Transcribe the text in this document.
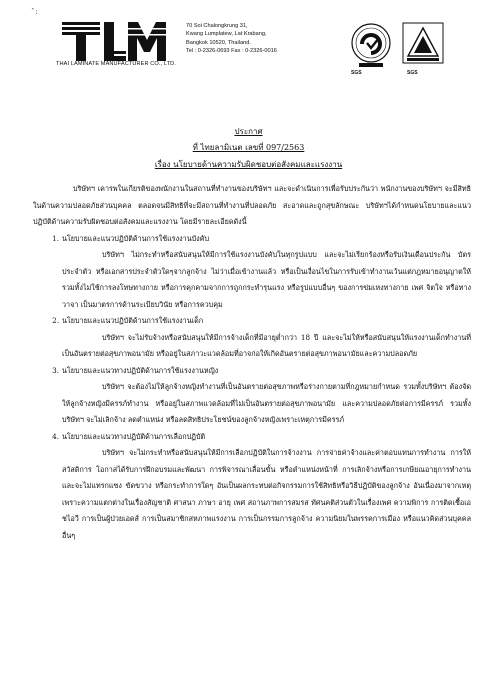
ˆ:
THAI LAMINATE MANUFACTURER CO., LTD.
70 Soi Chalongkrung 31,
Kwang Lumplatew, Lat Krabang,
Bangkok 10520, Thailand.
Tel : 0-2326-0693 Fax : 0-2326-0016
SGS	SGS
ประกาศ
ที่ ไทยลามิเนต เลขที่ 097/2563
เรื่อง นโยบายด้านความรับผิดชอบต่อสังคมและแรงงาน

บริษัทฯ เคารพในเกียรติของพนักงานในสถานที่ทำงานของบริษัทฯ และจะดำเนินการเพื่อรับประกันว่า พนักงานของบริษัทฯ จะมีสิทธิในด้านความปลอดภัยส่วนบุคคล ตลอดจนมีสิทธิที่จะมีสถานที่ทำงานที่ปลอดภัย สะอาดและถูกสุขลักษณะ บริษัทฯได้กำหนดนโยบายและแนวปฏิบัติด้านความรับผิดชอบต่อสังคมและแรงงาน โดยมีรายละเอียดดังนี้

1. นโยบายและแนวปฏิบัติด้านการใช้แรงงานบังคับ

บริษัทฯ ไม่กระทำหรือสนับสนุนให้มีการใช้แรงงานบังคับในทุกรูปแบบ และจะไม่เรียกร้องหรือรับเงินเดือนประกัน บัตรประจำตัว หรือเอกสารประจำตัวใดๆจากลูกจ้าง ไม่ว่าเมื่อเข้างานแล้ว หรือเป็นเงื่อนไขในการรับเข้าทำงานเว้นแต่กฎหมายอนุญาตให้ รวมทั้งไม่ใช้การลงโทษทางกาย หรือการคุกคามจากการถูกกระทำรุนแรง หรือรูปแบบอื่นๆ ของการข่มเหงทางกาย เพศ จิตใจ หรือทางวาจา เป็นมาตรการด้านระเบียบวินัย หรือการควบคุม

2. นโยบายและแนวปฏิบัติด้านการใช้แรงงานเด็ก

บริษัทฯ จะไม่รับจ้างหรือสนับสนุนให้มีการจ้างเด็กที่มีอายุต่ำกว่า 18 ปี และจะไม่ให้หรือสนับสนุนให้แรงงานเด็กทำงานที่เป็นอันตรายต่อสุขภาพอนามัย หรืออยู่ในสภาวะแวดล้อมที่อาจก่อให้เกิดอันตรายต่อสุขภาพอนามัยและความปลอดภัย

3. นโยบายและแนวทางปฏิบัติด้านการใช้แรงงานหญิง

บริษัทฯ จะต้องไม่ให้ลูกจ้างหญิงทำงานที่เป็นอันตรายต่อสุขภาพหรือร่างกายตามที่กฎหมายกำหนด รวมทั้งบริษัทฯ ต้องจัดให้ลูกจ้างหญิงมีครรภ์ทำงาน หรืออยู่ในสภาพแวดล้อมที่ไม่เป็นอันตรายต่อสุขภาพอนามัย และความปลอดภัยต่อการมีครรภ์ รวมทั้งบริษัทฯ จะไม่เลิกจ้าง ลดตำแหน่ง หรือลดสิทธิประโยชน์ของลูกจ้างหญิงเพราะเหตุการมีครรภ์

4. นโยบายและแนวทางปฏิบัติด้านการเลือกปฏิบัติ

บริษัทฯ จะไม่กระทำหรือสนับสนุนให้มีการเลือกปฏิบัติในการจ้างงาน การจ่ายค่าจ้างและค่าตอบแทนการทำงาน การให้สวัสดิการ โอกาสได้รับการฝึกอบรมและพัฒนา การพิจารณาเลื่อนขั้น หรือตำแหน่งหน้าที่ การเลิกจ้างหรือการเกษียณอายุการทำงาน และจะไม่แทรกแซง ขัดขวาง หรือกระทำการใดๆ อันเป็นผลกระทบต่อกิจกรรมการใช้สิทธิหรือวิธีปฏิบัติของลูกจ้าง อันเนื่องมาจากเหตุเพราะความแตกต่างในเรื่องสัญชาติ ศาสนา ภาษา อายุ เพศ สถานภาพการสมรส ทัศนคติส่วนตัวในเรื่องเพศ ความพิการ การติดเชื้อเอชไอวี การเป็นผู้ป่วยเอดส์ การเป็นสมาชิกสหภาพแรงงาน การเป็นกรรมการลูกจ้าง ความนิยมในพรรคการเมือง หรือแนวคิดส่วนบุคคลอื่นๆ
